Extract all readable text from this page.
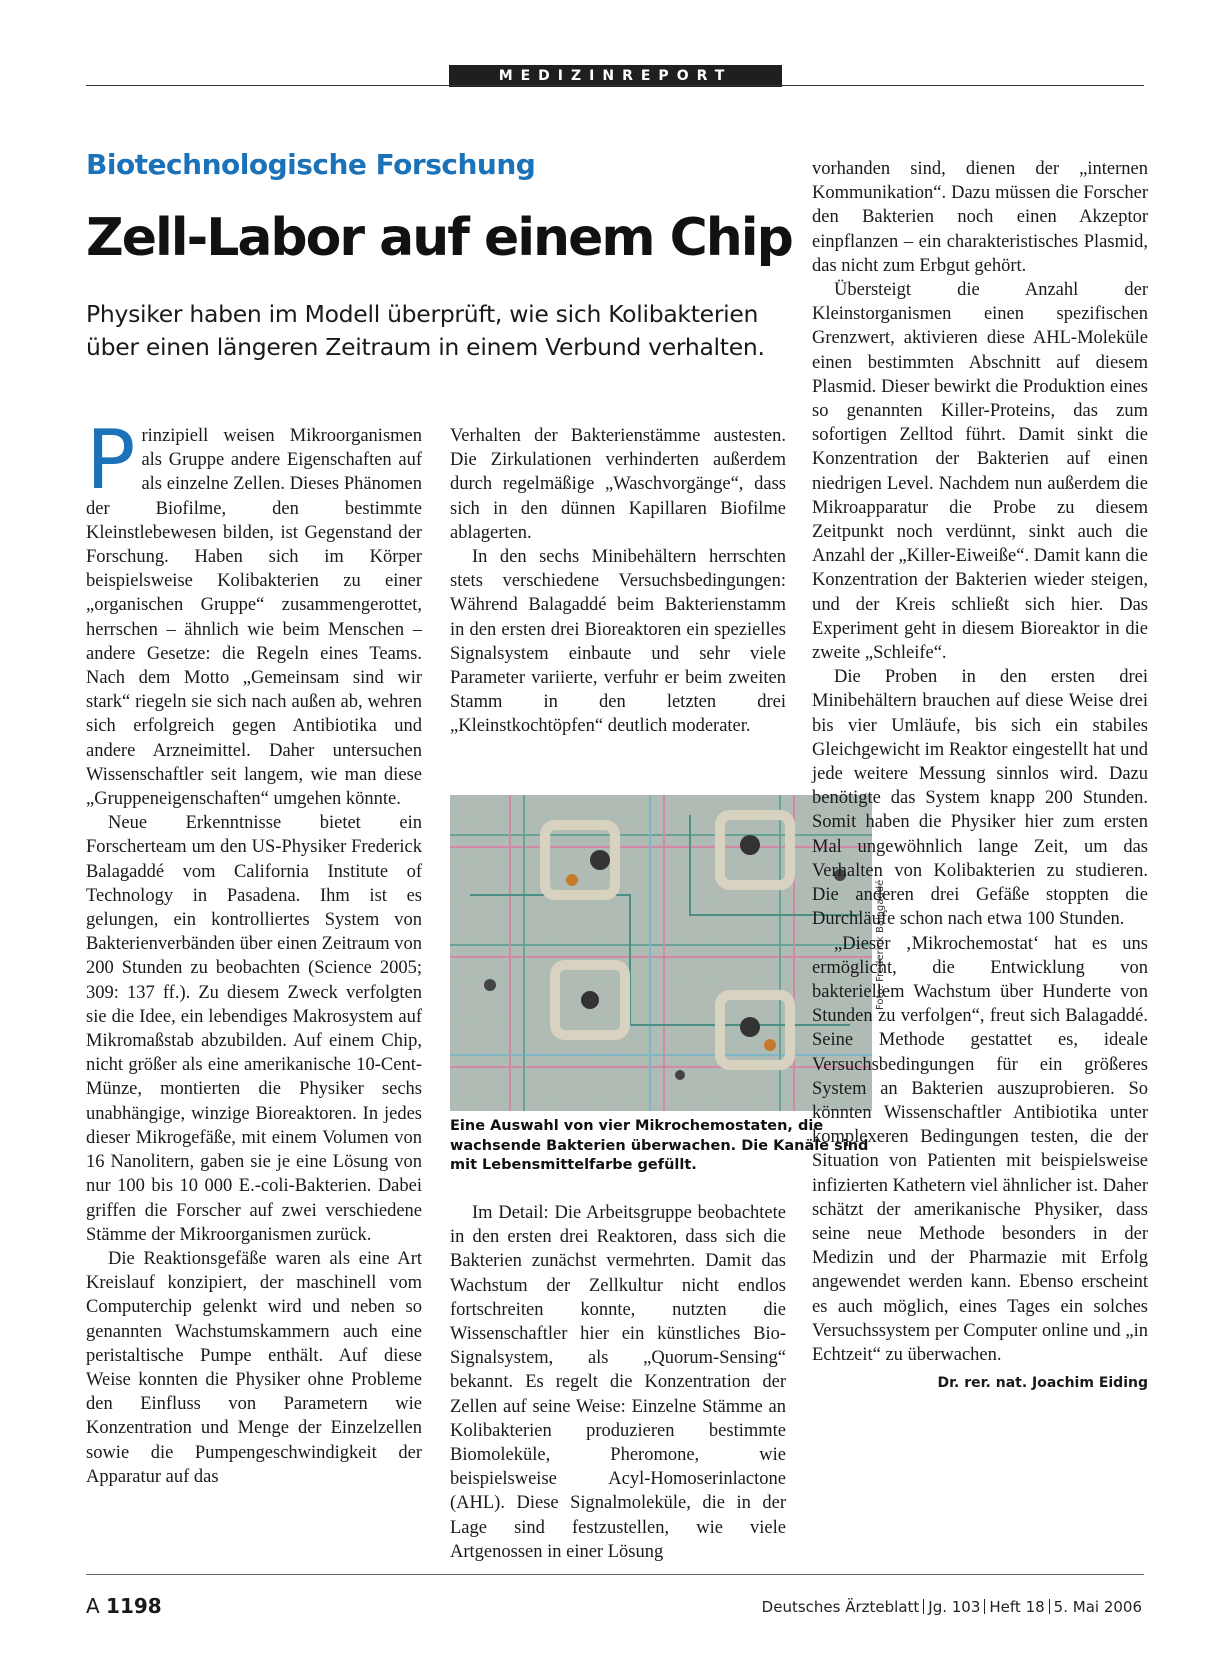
MEDIZINREPORT
Biotechnologische Forschung
Zell-Labor auf einem Chip
Physiker haben im Modell überprüft, wie sich Kolibakterien über einen längeren Zeitraum in einem Verbund verhalten.

Prinzipiell weisen Mikroorganismen als Gruppe andere Eigenschaften auf als einzelne Zellen. Dieses Phänomen der Biofilme, den bestimmte Kleinstlebewesen bilden, ist Gegenstand der Forschung. Haben sich im Körper beispielsweise Kolibakterien zu einer „organischen Gruppe“ zusammengerottet, herrschen – ähnlich wie beim Menschen – andere Gesetze: die Regeln eines Teams. Nach dem Motto „Gemeinsam sind wir stark“ riegeln sie sich nach außen ab, wehren sich erfolgreich gegen Antibiotika und andere Arzneimittel. Daher untersuchen Wissenschaftler seit langem, wie man diese „Gruppeneigenschaften“ umgehen könnte.

Neue Erkenntnisse bietet ein Forscherteam um den US-Physiker Frederick Balagaddé vom California Institute of Technology in Pasadena. Ihm ist es gelungen, ein kontrolliertes System von Bakterienverbänden über einen Zeitraum von 200 Stunden zu beobachten (Science 2005; 309: 137 ff.). Zu diesem Zweck verfolgten sie die Idee, ein lebendiges Makrosystem auf Mikromaßstab abzubilden. Auf einem Chip, nicht größer als eine amerikanische 10-Cent-Münze, montierten die Physiker sechs unabhängige, winzige Bioreaktoren. In jedes dieser Mikrogefäße, mit einem Volumen von 16 Nanolitern, gaben sie je eine Lösung von nur 100 bis 10 000 E.-coli-Bakterien. Dabei griffen die Forscher auf zwei verschiedene Stämme der Mikroorganismen zurück.

Die Reaktionsgefäße waren als eine Art Kreislauf konzipiert, der maschinell vom Computerchip gelenkt wird und neben so genannten Wachstumskammern auch eine peristaltische Pumpe enthält. Auf diese Weise konnten die Physiker ohne Probleme den Einfluss von Parametern wie Konzentration und Menge der Einzelzellen sowie die Pumpengeschwindigkeit der Apparatur auf das

Verhalten der Bakterienstämme austesten. Die Zirkulationen verhinderten außerdem durch regelmäßige „Waschvorgänge“, dass sich in den dünnen Kapillaren Biofilme ablagerten.

In den sechs Minibehältern herrschten stets verschiedene Versuchsbedingungen: Während Balagaddé beim Bakterienstamm in den ersten drei Bioreaktoren ein spezielles Signalsystem einbaute und sehr viele Parameter variierte, verfuhr er beim zweiten Stamm in den letzten drei „Kleinstkochtöpfen“ deutlich moderater.

Foto: Frederick Balagaddé
Eine Auswahl von vier Mikrochemostaten, die wachsende Bakterien überwachen. Die Kanäle sind mit Lebensmittelfarbe gefüllt.

Im Detail: Die Arbeitsgruppe beobachtete in den ersten drei Reaktoren, dass sich die Bakterien zunächst vermehrten. Damit das Wachstum der Zellkultur nicht endlos fortschreiten konnte, nutzten die Wissenschaftler hier ein künstliches Bio-Signalsystem, als „Quorum-Sensing“ bekannt. Es regelt die Konzentration der Zellen auf seine Weise: Einzelne Stämme an Kolibakterien produzieren bestimmte Biomoleküle, Pheromone, wie beispielsweise Acyl-Homoserinlactone (AHL). Diese Signalmoleküle, die in der Lage sind festzustellen, wie viele Artgenossen in einer Lösung

vorhanden sind, dienen der „internen Kommunikation“. Dazu müssen die Forscher den Bakterien noch einen Akzeptor einpflanzen – ein charakteristisches Plasmid, das nicht zum Erbgut gehört.

Übersteigt die Anzahl der Kleinstorganismen einen spezifischen Grenzwert, aktivieren diese AHL-Moleküle einen bestimmten Abschnitt auf diesem Plasmid. Dieser bewirkt die Produktion eines so genannten Killer-Proteins, das zum sofortigen Zelltod führt. Damit sinkt die Konzentration der Bakterien auf einen niedrigen Level. Nachdem nun außerdem die Mikroapparatur die Probe zu diesem Zeitpunkt noch verdünnt, sinkt auch die Anzahl der „Killer-Eiweiße“. Damit kann die Konzentration der Bakterien wieder steigen, und der Kreis schließt sich hier. Das Experiment geht in diesem Bioreaktor in die zweite „Schleife“.

Die Proben in den ersten drei Minibehältern brauchen auf diese Weise drei bis vier Umläufe, bis sich ein stabiles Gleichgewicht im Reaktor eingestellt hat und jede weitere Messung sinnlos wird. Dazu benötigte das System knapp 200 Stunden. Somit haben die Physiker hier zum ersten Mal ungewöhnlich lange Zeit, um das Verhalten von Kolibakterien zu studieren. Die anderen drei Gefäße stoppten die Durchläufe schon nach etwa 100 Stunden.

„Dieser ‚Mikrochemostat‘ hat es uns ermöglicht, die Entwicklung von bakteriellem Wachstum über Hunderte von Stunden zu verfolgen“, freut sich Balagaddé. Seine Methode gestattet es, ideale Versuchsbedingungen für ein größeres System an Bakterien auszuprobieren. So könnten Wissenschaftler Antibiotika unter komplexeren Bedingungen testen, die der Situation von Patienten mit beispielsweise infizierten Kathetern viel ähnlicher ist. Daher schätzt der amerikanische Physiker, dass seine neue Methode besonders in der Medizin und der Pharmazie mit Erfolg angewendet werden kann. Ebenso erscheint es auch möglich, eines Tages ein solches Versuchssystem per Computer online und „in Echtzeit“ zu überwachen.
Dr. rer. nat. Joachim Eiding

A 1198	Deutsches Ärzteblatt Jg. 103 Heft 18 5. Mai 2006
